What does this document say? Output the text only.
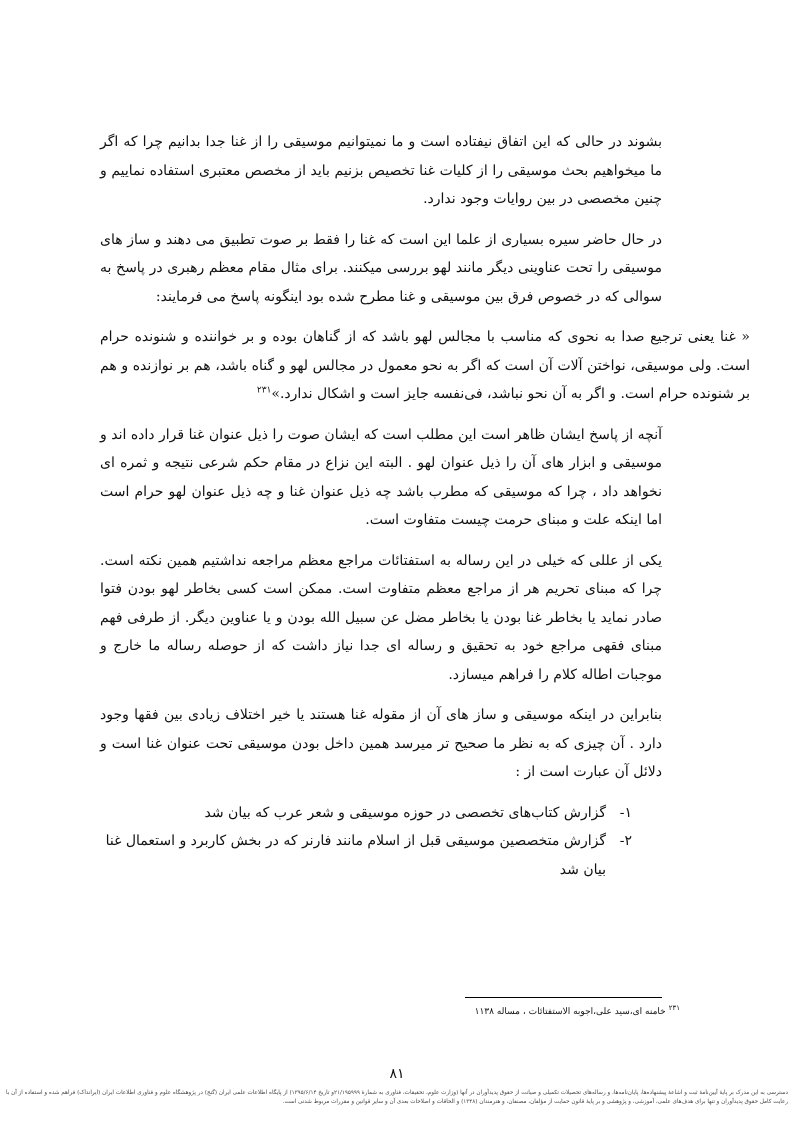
بشوند در حالی که این اتفاق نیفتاده است و ما نمیتوانیم موسیقی را از غنا جدا بدانیم چرا که اگر ما میخواهیم بحث موسیقی را از کلیات غنا تخصیص بزنیم باید از مخصص معتبری استفاده نماییم و چنین مخصصی در بین روایات وجود ندارد.

در حال حاضر سیره بسیاری از علما این است که غنا را فقط بر صوت تطبیق می دهند و ساز های موسیقی را تحت عناوینی دیگر مانند لهو بررسی میکنند. برای مثال مقام معظم رهبری در پاسخ به سوالی که در خصوص فرق بین موسیقی و غنا مطرح شده بود اینگونه پاسخ می فرمایند:

« غنا یعنی ترجیع صدا به نحوی که مناسب با مجالس لهو باشد که از گناهان بوده و بر خواننده و شنونده حرام است. ولی موسیقی، نواختن آلات آن است که اگر به نحو معمول در مجالس لهو و گناه باشد، هم بر نوازنده و هم بر شنونده حرام است. و اگر به آن نحو نباشد، فی‌نفسه جایز است و اشکال ندارد.»$^{۲۳۱}$

آنچه از پاسخ ایشان ظاهر است این مطلب است که ایشان صوت را ذیل عنوان غنا قرار داده اند و موسیقی و ابزار های آن را ذیل عنوان لهو . البته این نزاع در مقام حکم شرعی نتیجه و ثمره ای نخواهد داد ، چرا که موسیقی که مطرب باشد چه ذیل عنوان غنا و چه ذیل عنوان لهو حرام است اما اینکه علت و مبنای حرمت چیست متفاوت است.

یکی از عللی که خیلی در این رساله به استفتائات مراجع معظم مراجعه نداشتیم همین نکته است. چرا که مبنای تحریم هر از مراجع معظم متفاوت است. ممکن است کسی بخاطر لهو بودن فتوا صادر نماید یا بخاطر غنا بودن یا بخاطر مضل عن سبیل الله بودن و یا عناوین دیگر. از طرفی فهم مبنای فقهی مراجع خود به تحقیق و رساله ای جدا نیاز داشت که از حوصله رساله ما خارج و موجبات اطاله کلام را فراهم میسازد.

بنابراین در اینکه موسیقی و ساز های آن از مقوله غنا هستند یا خیر اختلاف زیادی بین فقها وجود دارد . آن چیزی که به نظر ما صحیح تر میرسد همین داخل بودن موسیقی تحت عنوان غنا است و دلائل آن عبارت است از :

۱-
گزارش کتاب‌های تخصصی در حوزه موسیقی و شعر عرب که بیان شد
۲-
گزارش متخصصین موسیقی قبل از اسلام مانند فارنر که در بخش کاربرد و استعمال غنا بیان شد
$^{۲۳۱}$خامنه ای،سید علی،اجوبه الاستفتائات ، مساله ۱۱۳۸
۸۱
دسترسی به این مدرک بر پایهٔ آیین‌نامهٔ ثبت و اشاعهٔ پیشنهاده‌ها، پایان‌نامه‌ها، و رساله‌های تحصیلات تکمیلی و صیانت از حقوق پدیدآوران در آنها (وزارت علوم، تحقیقات، فناوری به شمارهٔ ۲۱/۱۹۵۹۹۹و تاریخ ۱۳۹۵/۶/۱۴) از پایگاه اطلاعات علمی ایران (گنج) در پژوهشگاه علوم و فناوری اطلاعات ایران (ایرانداک) فراهم شده و استفاده از آن با رعایت کامل حقوق پدیدآوران و تنها برای هدف‌های علمی، آموزشی، و پژوهشی و بر پایهٔ قانون حمایت از مؤلفان، مصنفان، و هنرمندان (۱۳۴۸) و الحاقات و اصلاحات بعدی آن و سایر قوانین و مقررات مربوط شدنی است.
